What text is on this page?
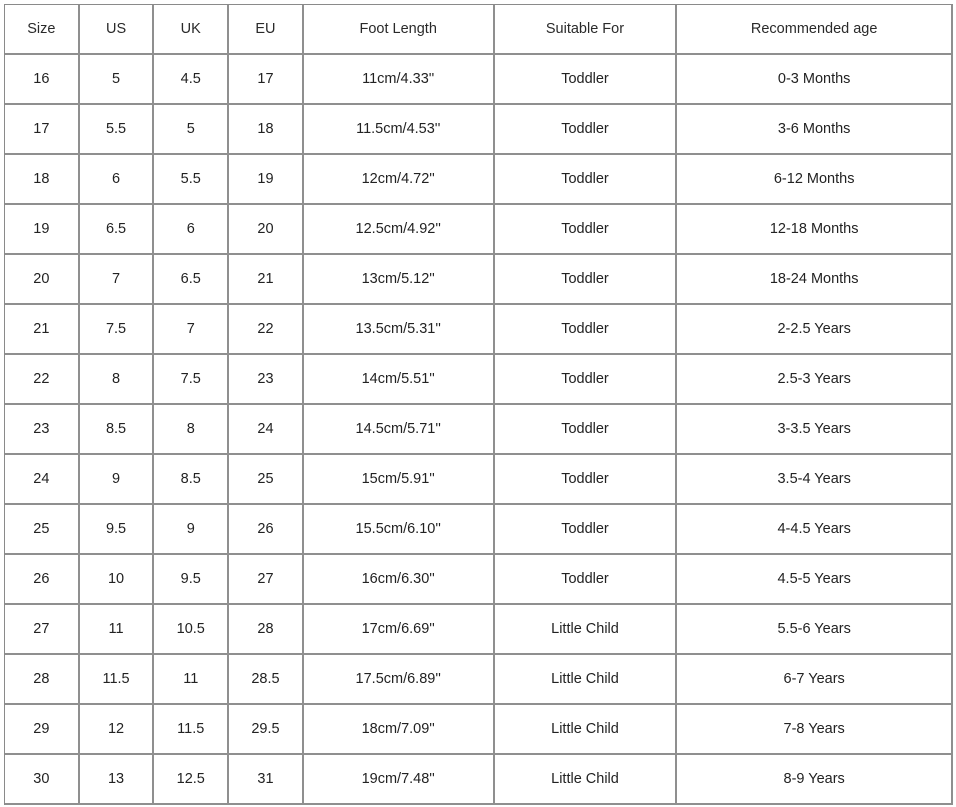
Size	US	UK	EU	Foot Length	Suitable For	Recommended age
16	5	4.5	17	11cm/4.33''	Toddler	0-3 Months
17	5.5	5	18	11.5cm/4.53''	Toddler	3-6 Months
18	6	5.5	19	12cm/4.72''	Toddler	6-12 Months
19	6.5	6	20	12.5cm/4.92''	Toddler	12-18 Months
20	7	6.5	21	13cm/5.12''	Toddler	18-24 Months
21	7.5	7	22	13.5cm/5.31''	Toddler	2-2.5 Years
22	8	7.5	23	14cm/5.51''	Toddler	2.5-3 Years
23	8.5	8	24	14.5cm/5.71''	Toddler	3-3.5 Years
24	9	8.5	25	15cm/5.91''	Toddler	3.5-4 Years
25	9.5	9	26	15.5cm/6.10''	Toddler	4-4.5 Years
26	10	9.5	27	16cm/6.30''	Toddler	4.5-5 Years
27	11	10.5	28	17cm/6.69''	Little Child	5.5-6 Years
28	11.5	11	28.5	17.5cm/6.89''	Little Child	6-7 Years
29	12	11.5	29.5	18cm/7.09''	Little Child	7-8 Years
30	13	12.5	31	19cm/7.48''	Little Child	8-9 Years
